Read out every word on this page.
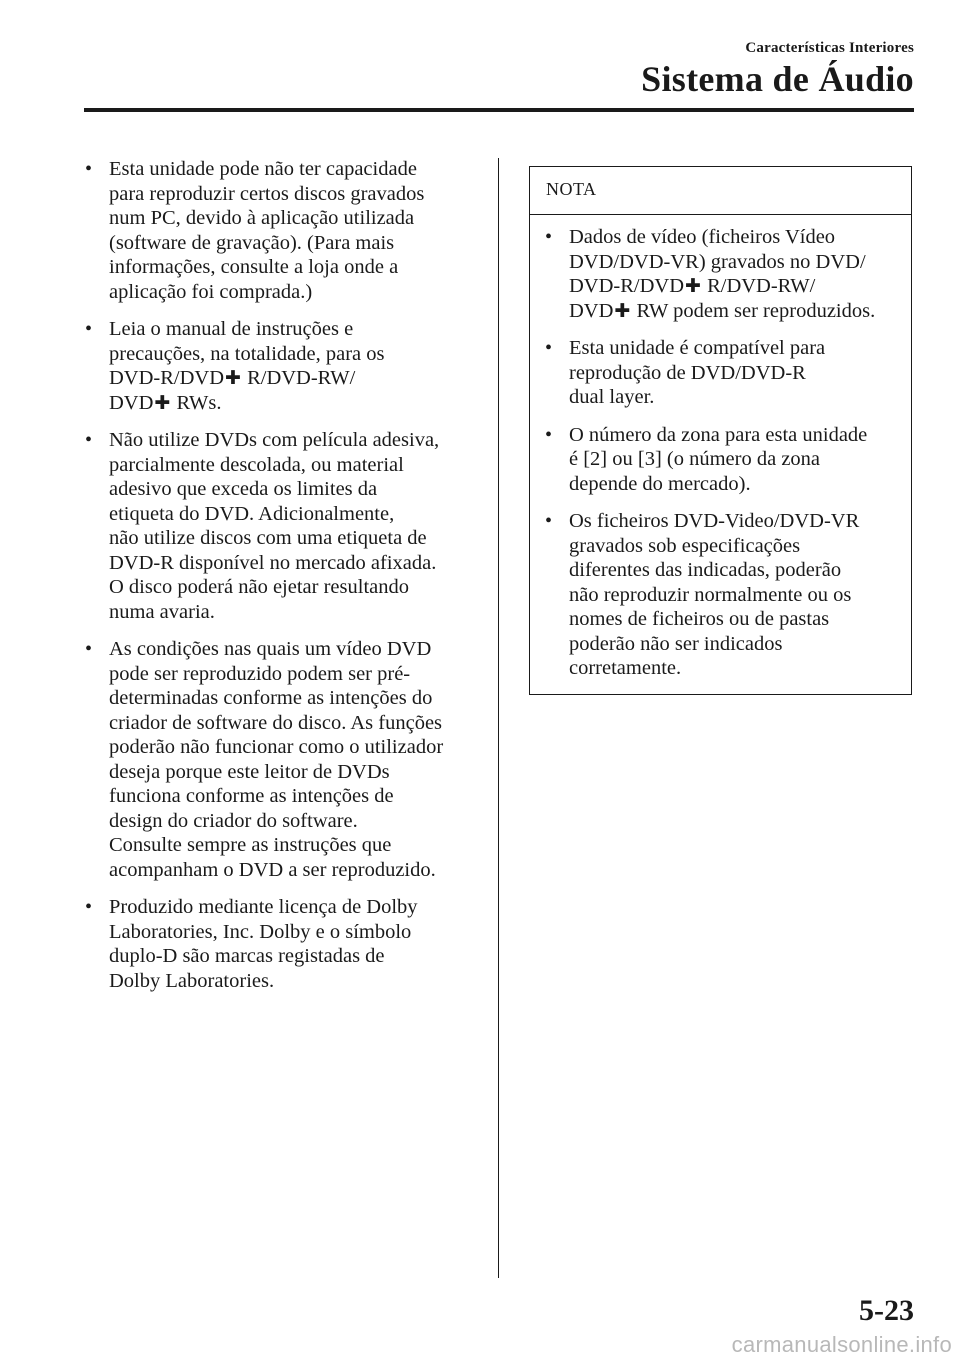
Características Interiores
Sistema de Áudio
• Esta unidade pode não ter capacidade
para reproduzir certos discos gravados
num PC, devido à aplicação utilizada
(software de gravação). (Para mais
informações, consulte a loja onde a
aplicação foi comprada.)
• Leia o manual de instruções e
precauções, na totalidade, para os
DVD-R/DVD✚ R/DVD-RW/
DVD✚ RWs.
• Não utilize DVDs com película adesiva,
parcialmente descolada, ou material
adesivo que exceda os limites da
etiqueta do DVD. Adicionalmente,
não utilize discos com uma etiqueta de
DVD-R disponível no mercado afixada.
O disco poderá não ejetar resultando
numa avaria.
• As condições nas quais um vídeo DVD
pode ser reproduzido podem ser pré-
determinadas conforme as intenções do
criador de software do disco. As funções
poderão não funcionar como o utilizador
deseja porque este leitor de DVDs
funciona conforme as intenções de
design do criador do software.
Consulte sempre as instruções que
acompanham o DVD a ser reproduzido.
• Produzido mediante licença de Dolby
Laboratories, Inc. Dolby e o símbolo
duplo-D são marcas registadas de
Dolby Laboratories.
NOTA
• Dados de vídeo (ficheiros Vídeo
DVD/DVD-VR) gravados no DVD/
DVD-R/DVD✚ R/DVD-RW/
DVD✚ RW podem ser reproduzidos.
• Esta unidade é compatível para
reprodução de DVD/DVD-R
dual layer.
• O número da zona para esta unidade
é [2] ou [3] (o número da zona
depende do mercado).
• Os ficheiros DVD-Video/DVD-VR
gravados sob especificações
diferentes das indicadas, poderão
não reproduzir normalmente ou os
nomes de ficheiros ou de pastas
poderão não ser indicados
corretamente.
5-23
carmanualsonline.info
